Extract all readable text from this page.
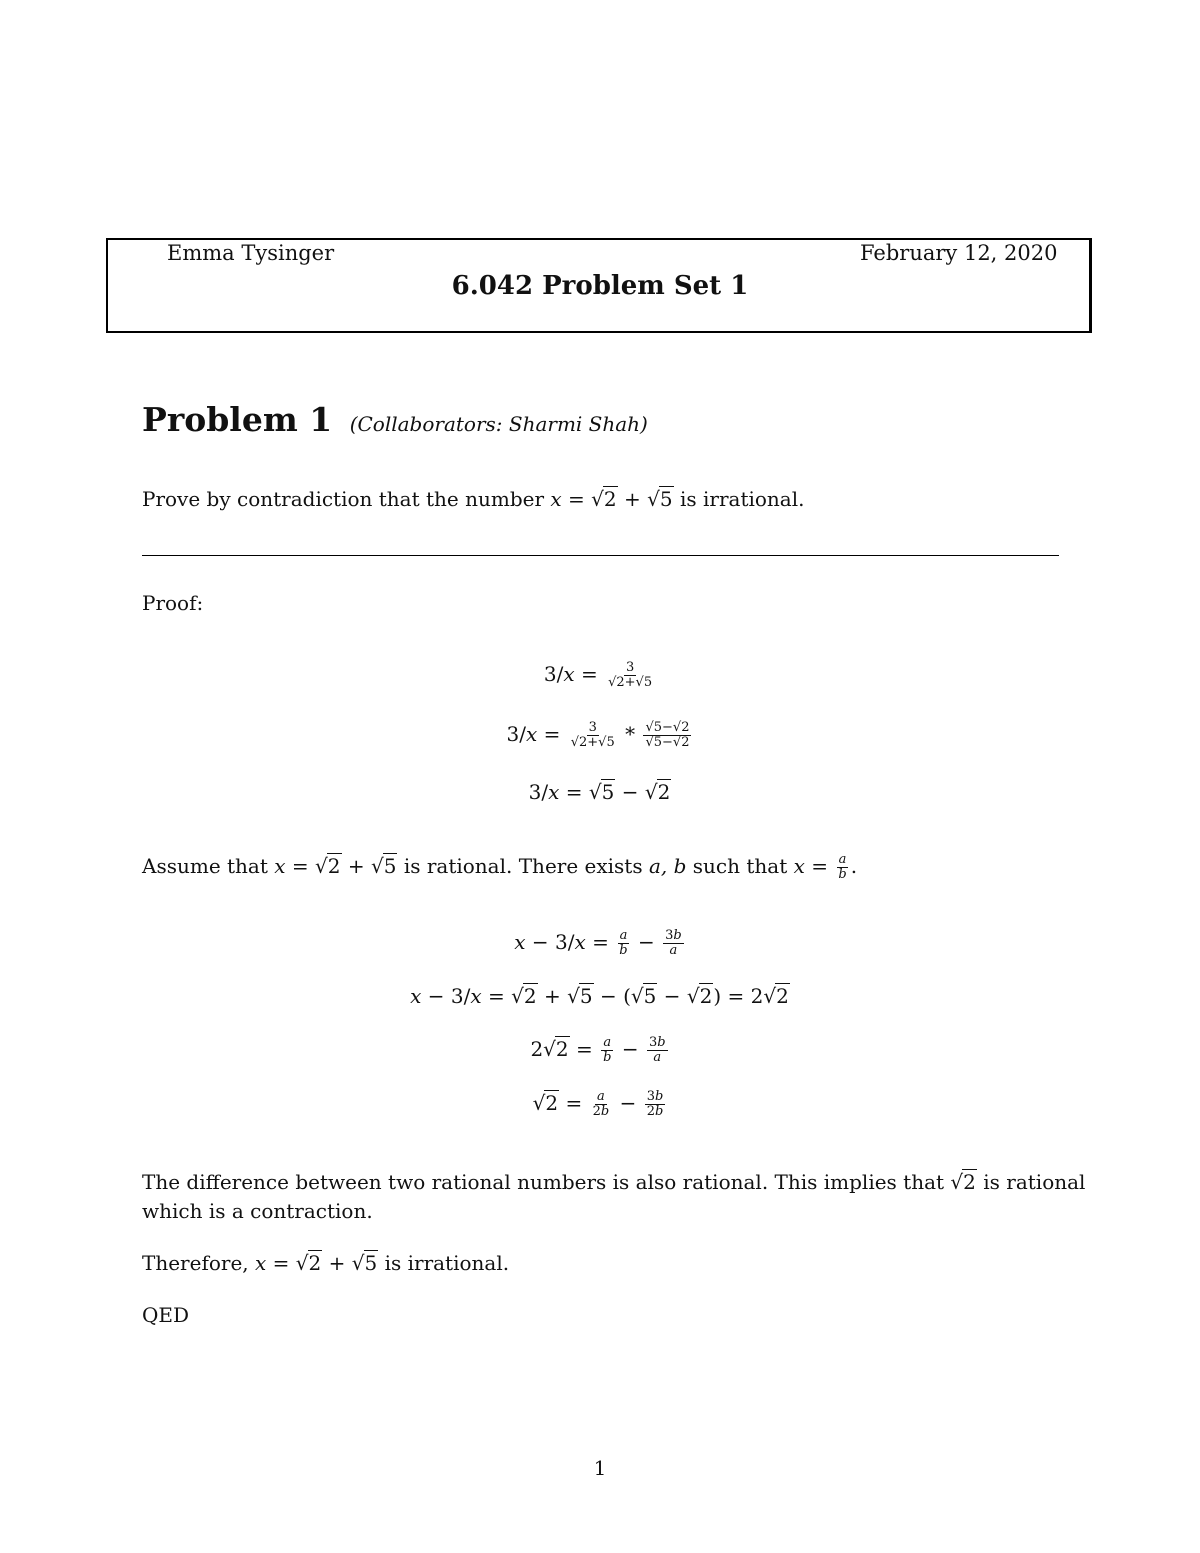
Emma Tysinger	February 12, 2020
6.042 Problem Set 1
Problem 1 (Collaborators: Sharmi Shah)
Prove by contradiction that the number x = √2 + √5 is irrational.
Proof:
$3/x = \frac{3}{√2+√5}$
$3/x = \frac{3}{√2+√5} * \frac{√5-√2}{√5-√2}$
3/x = √5 − √2
Assume that x = √2 + √5 is rational. There exists a, b such that $x = \frac{a}{b}$ .
$x - 3/x = \frac{a}{b} - \frac{3b}{a}$
x − 3/x = √2 + √5 − (√5 − √2) = 2√2
$2√2 = \frac{a}{b} - \frac{3b}{a}$
$√2 = \frac{a}{2b} - \frac{3b}{2b}$
The difference between two rational numbers is also rational. This implies that √2 is rational
which is a contraction.
Therefore, x = √2 + √5 is irrational.
QED
1
